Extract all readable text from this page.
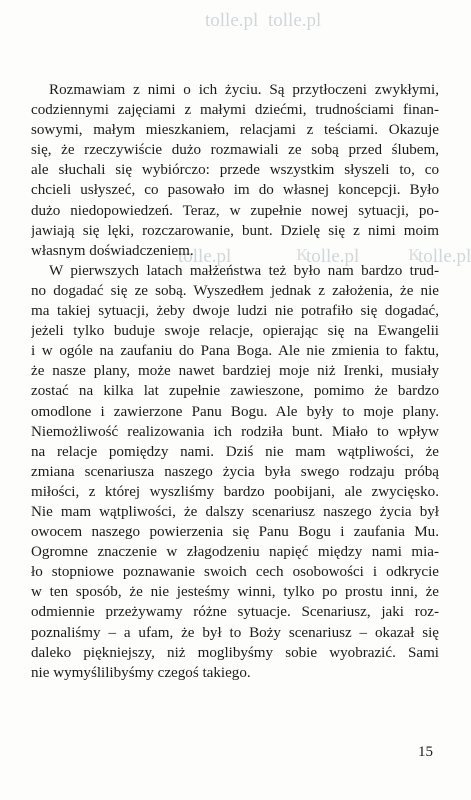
tolle.pl tolle.pl
tolle.pl	ĸ
tolle.pl ĸ
tolle.pl
Rozmawiam z nimi o ich życiu. Są przytłoczeni zwykłymi,
codziennymi zajęciami z małymi dziećmi, trudnościami finan-
sowymi, małym mieszkaniem, relacjami z teściami. Okazuje
się, że rzeczywiście dużo rozmawiali ze sobą przed ślubem,
ale słuchali się wybiórczo: przede wszystkim słyszeli to, co
chcieli usłyszeć, co pasowało im do własnej koncepcji. Było
dużo niedopowiedzeń. Teraz, w zupełnie nowej sytuacji, po-
jawiają się lęki, rozczarowanie, bunt. Dzielę się z nimi moim
własnym doświadczeniem.
W pierwszych latach małżeństwa też było nam bardzo trud-
no dogadać się ze sobą. Wyszedłem jednak z założenia, że nie
ma takiej sytuacji, żeby dwoje ludzi nie potrafiło się dogadać,
jeżeli tylko buduje swoje relacje, opierając się na Ewangelii
i w ogóle na zaufaniu do Pana Boga. Ale nie zmienia to faktu,
że nasze plany, może nawet bardziej moje niż Irenki, musiały
zostać na kilka lat zupełnie zawieszone, pomimo że bardzo
omodlone i zawierzone Panu Bogu. Ale były to moje plany.
Niemożliwość realizowania ich rodziła bunt. Miało to wpływ
na relacje pomiędzy nami. Dziś nie mam wątpliwości, że
zmiana scenariusza naszego życia była swego rodzaju próbą
miłości, z której wyszliśmy bardzo poobijani, ale zwycięsko.
Nie mam wątpliwości, że dalszy scenariusz naszego życia był
owocem naszego powierzenia się Panu Bogu i zaufania Mu.
Ogromne znaczenie w złagodzeniu napięć między nami mia-
ło stopniowe poznawanie swoich cech osobowości i odkrycie
w ten sposób, że nie jesteśmy winni, tylko po prostu inni, że
odmiennie przeżywamy różne sytuacje. Scenariusz, jaki roz-
poznaliśmy – a ufam, że był to Boży scenariusz – okazał się
daleko piękniejszy, niż moglibyśmy sobie wyobrazić. Sami
nie wymyślilibyśmy czegoś takiego.
15
